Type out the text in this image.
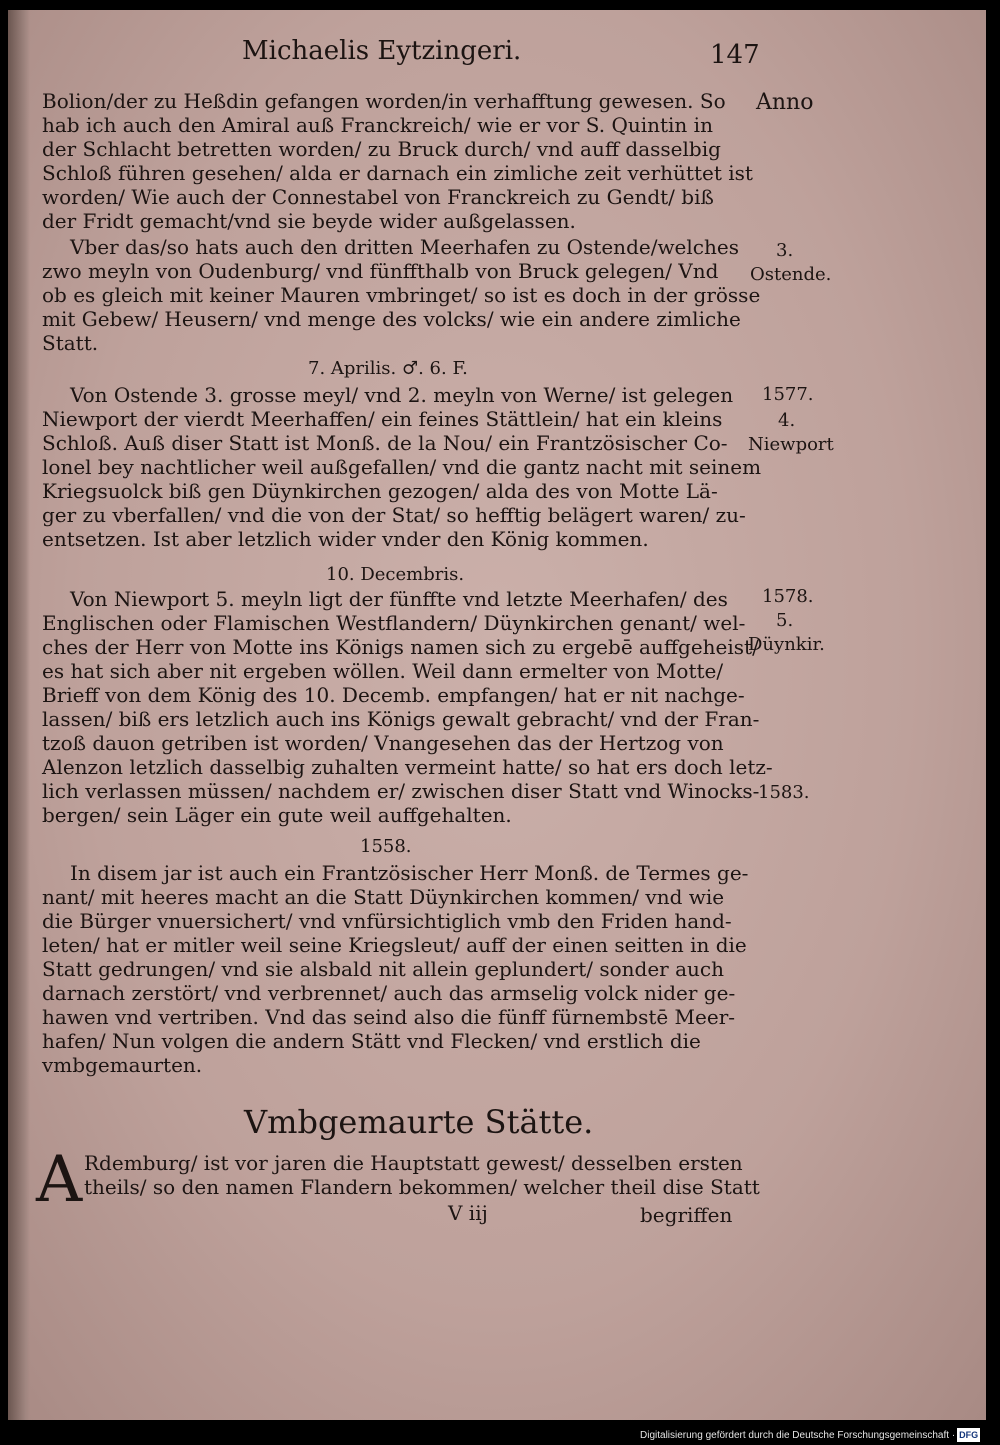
Michaelis Eytzingeri.	147

Anno

3.

Ostende.

1577.

4.

Niewport

1578.

5.

Düynkir.

1583.

Bolion/der zu Heßdin gefangen worden/in verhafftung gewesen. So

hab ich auch den Amiral auß Franckreich/ wie er vor S. Quintin in

der Schlacht betretten worden/ zu Bruck durch/ vnd auff dasselbig

Schloß führen gesehen/ alda er darnach ein zimliche zeit verhüttet ist

worden/ Wie auch der Connestabel von Franckreich zu Gendt/ biß

der Fridt gemacht/vnd sie beyde wider außgelassen.

Vber das/so hats auch den dritten Meerhafen zu Ostende/welches

zwo meyln von Oudenburg/ vnd fünffthalb von Bruck gelegen/ Vnd

ob es gleich mit keiner Mauren vmbringet/ so ist es doch in der grösse

mit Gebew/ Heusern/ vnd menge des volcks/ wie ein andere zimliche

Statt.

7. Aprilis. ♂. 6. F.

Von Ostende 3. grosse meyl/ vnd 2. meyln von Werne/ ist gelegen

Niewport der vierdt Meerhaffen/ ein feines Stättlein/ hat ein kleins

Schloß. Auß diser Statt ist Monß. de la Nou/ ein Frantzösischer Co-

lonel bey nachtlicher weil außgefallen/ vnd die gantz nacht mit seinem

Kriegsuolck biß gen Düynkirchen gezogen/ alda des von Motte Lä-

ger zu vberfallen/ vnd die von der Stat/ so hefftig belägert waren/ zu-

entsetzen. Ist aber letzlich wider vnder den König kommen.

10. Decembris.

Von Niewport 5. meyln ligt der fünffte vnd letzte Meerhafen/ des

Englischen oder Flamischen Westflandern/ Düynkirchen genant/ wel-

ches der Herr von Motte ins Königs namen sich zu ergebē auffgeheist/

es hat sich aber nit ergeben wöllen. Weil dann ermelter von Motte/

Brieff von dem König des 10. Decemb. empfangen/ hat er nit nachge-

lassen/ biß ers letzlich auch ins Königs gewalt gebracht/ vnd der Fran-

tzoß dauon getriben ist worden/ Vnangesehen das der Hertzog von

Alenzon letzlich dasselbig zuhalten vermeint hatte/ so hat ers doch letz-

lich verlassen müssen/ nachdem er/ zwischen diser Statt vnd Winocks-

bergen/ sein Läger ein gute weil auffgehalten.

1558.

In disem jar ist auch ein Frantzösischer Herr Monß. de Termes ge-

nant/ mit heeres macht an die Statt Düynkirchen kommen/ vnd wie

die Bürger vnuersichert/ vnd vnfürsichtiglich vmb den Friden hand-

leten/ hat er mitler weil seine Kriegsleut/ auff der einen seitten in die

Statt gedrungen/ vnd sie alsbald nit allein geplundert/ sonder auch

darnach zerstört/ vnd verbrennet/ auch das armselig volck nider ge-

hawen vnd vertriben. Vnd das seind also die fünff fürnembstē Meer-

hafen/ Nun volgen die andern Stätt vnd Flecken/ vnd erstlich die

vmbgemaurten.

Vmbgemaurte Stätte.

A Rdemburg/ ist vor jaren die Hauptstatt gewest/ desselben ersten

theils/ so den namen Flandern bekommen/ welcher theil dise Statt

V iij	begriffen

Digitalisierung gefördert durch die Deutsche Forschungsgemeinschaft · DFG
